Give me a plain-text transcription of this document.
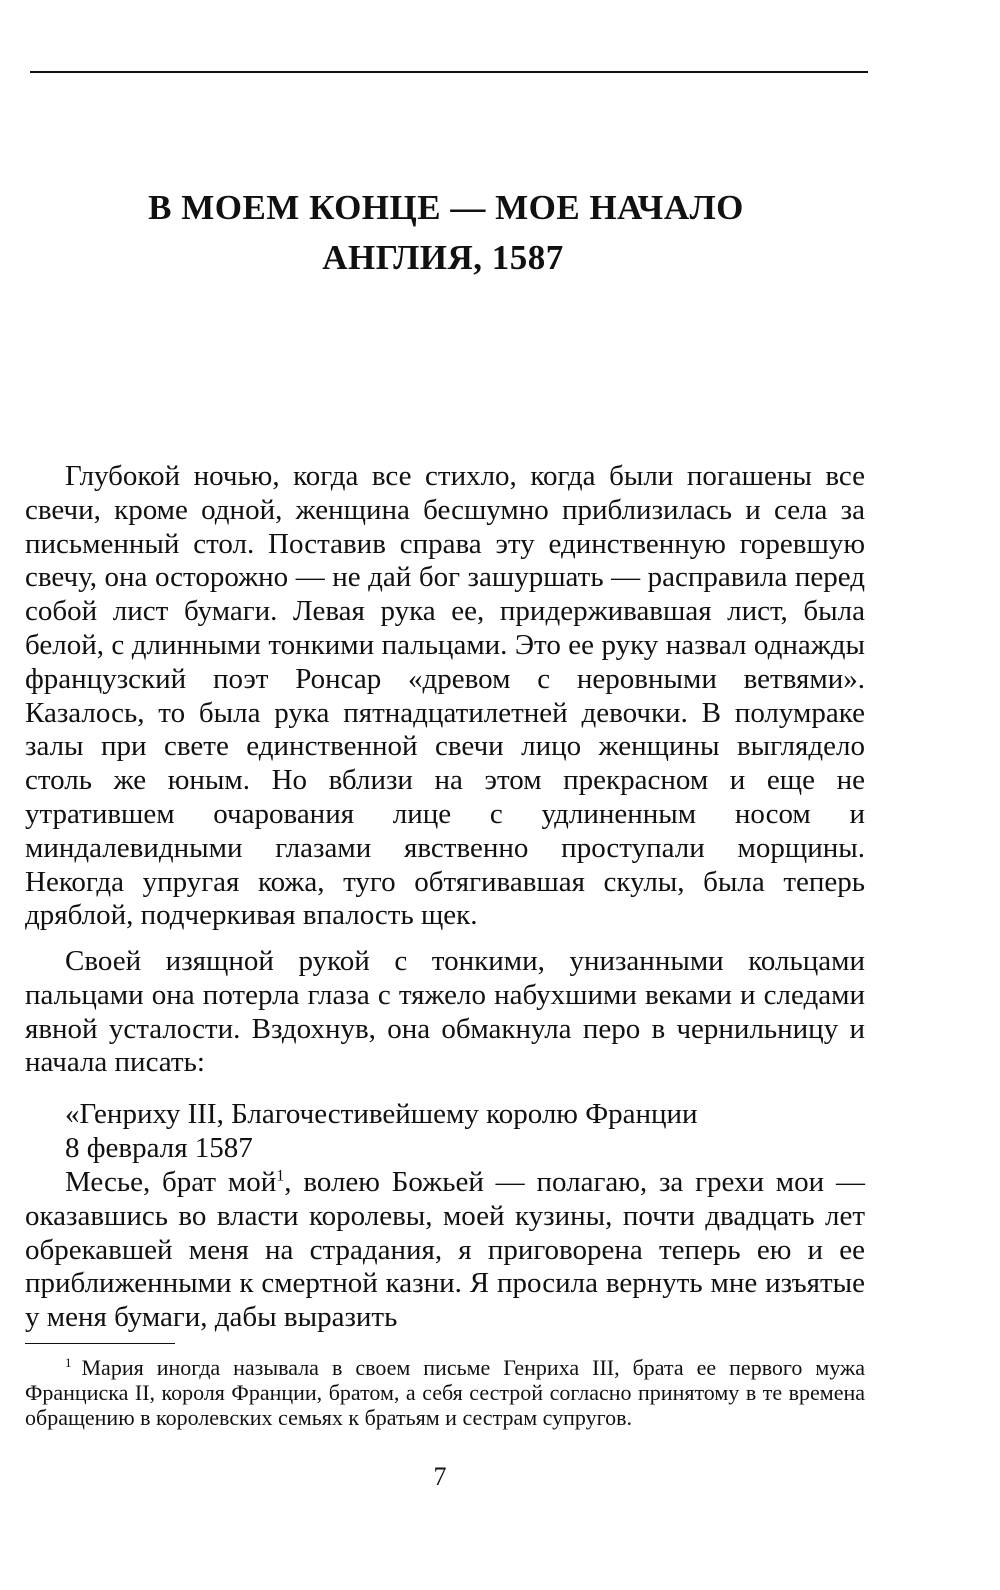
В МОЕМ КОНЦЕ — МОЕ НАЧАЛО
АНГЛИЯ, 1587

Глубокой ночью, когда все стихло, когда были погашены все свечи, кроме одной, женщина бесшумно приблизилась и села за письменный стол. Поставив справа эту единственную горевшую свечу, она осторожно — не дай бог зашуршать — расправила перед собой лист бумаги. Левая рука ее, придерживавшая лист, была белой, с длинными тонкими пальцами. Это ее руку назвал однажды французский поэт Ронсар «древом с неровными ветвями». Казалось, то была рука пятнадцатилетней девочки. В полумраке залы при свете единственной свечи лицо женщины выглядело столь же юным. Но вблизи на этом прекрасном и еще не утратившем очарования лице с удлиненным носом и миндалевидными глазами явственно проступали морщины. Некогда упругая кожа, туго обтягивавшая скулы, была теперь дряблой, подчеркивая впалость щек.

Своей изящной рукой с тонкими, унизанными кольцами пальцами она потерла глаза с тяжело набухшими веками и следами явной усталости. Вздохнув, она обмакнула перо в чернильницу и начала писать:

«Генриху III, Благочестивейшему королю Франции

8 февраля 1587

Месье, брат мой$^1$, волею Божьей — полагаю, за грехи мои — оказавшись во власти королевы, моей кузины, почти двадцать лет обрекавшей меня на страдания, я приговорена теперь ею и ее приближенными к смертной казни. Я просила вернуть мне изъятые у меня бумаги, дабы выразить

$^1$ Мария иногда называла в своем письме Генриха III, брата ее первого мужа Франциска II, короля Франции, братом, а себя сестрой согласно принятому в те времена обращению в королевских семьях к братьям и сестрам супругов.

7
